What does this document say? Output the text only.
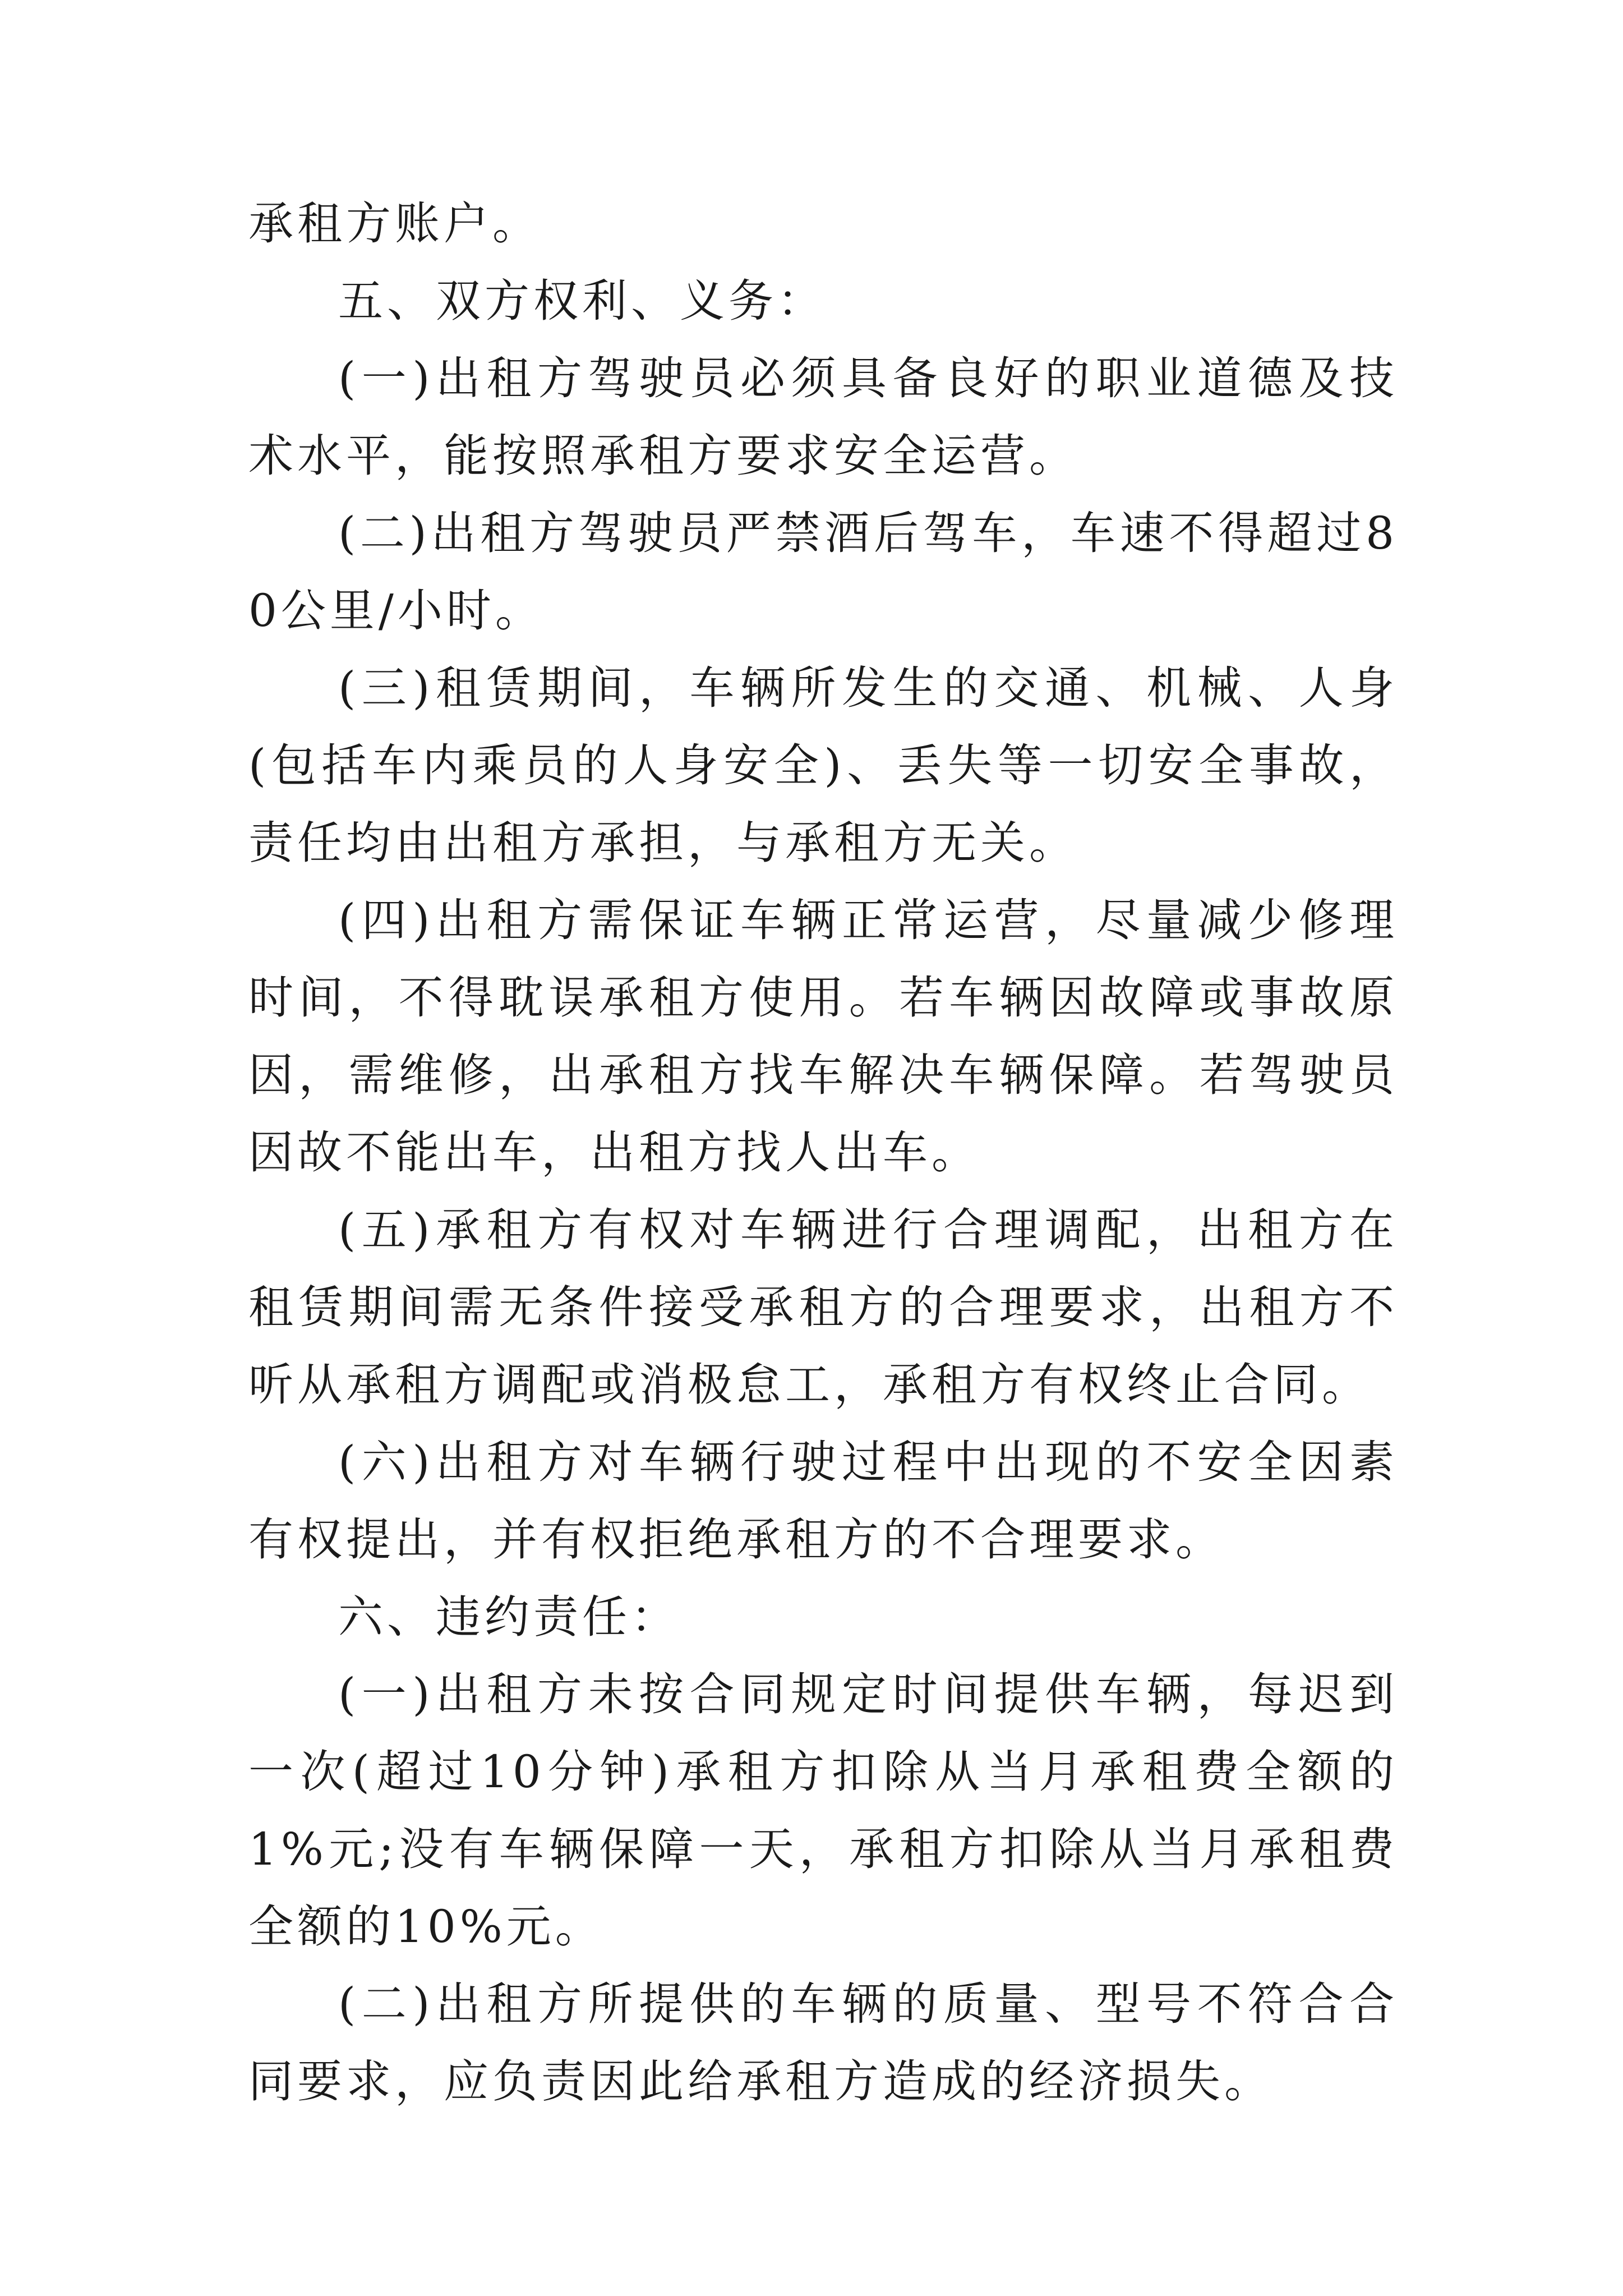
承租方账户。

五、双方权利、义务：

(一)出租方驾驶员必须具备良好的职业道德及技术水平，能按照承租方要求安全运营。

(二)出租方驾驶员严禁酒后驾车，车速不得超过80公里/小时。

(三)租赁期间，车辆所发生的交通、机械、人身(包括车内乘员的人身安全)、丢失等一切安全事故，责任均由出租方承担，与承租方无关。

(四)出租方需保证车辆正常运营，尽量减少修理时间，不得耽误承租方使用。若车辆因故障或事故原因，需维修，出承租方找车解决车辆保障。若驾驶员因故不能出车，出租方找人出车。

(五)承租方有权对车辆进行合理调配，出租方在租赁期间需无条件接受承租方的合理要求，出租方不听从承租方调配或消极怠工，承租方有权终止合同。

(六)出租方对车辆行驶过程中出现的不安全因素有权提出，并有权拒绝承租方的不合理要求。

六、违约责任：

(一)出租方未按合同规定时间提供车辆，每迟到一次(超过10分钟)承租方扣除从当月承租费全额的1%元;没有车辆保障一天，承租方扣除从当月承租费全额的10%元。

(二)出租方所提供的车辆的质量、型号不符合合同要求，应负责因此给承租方造成的经济损失。
